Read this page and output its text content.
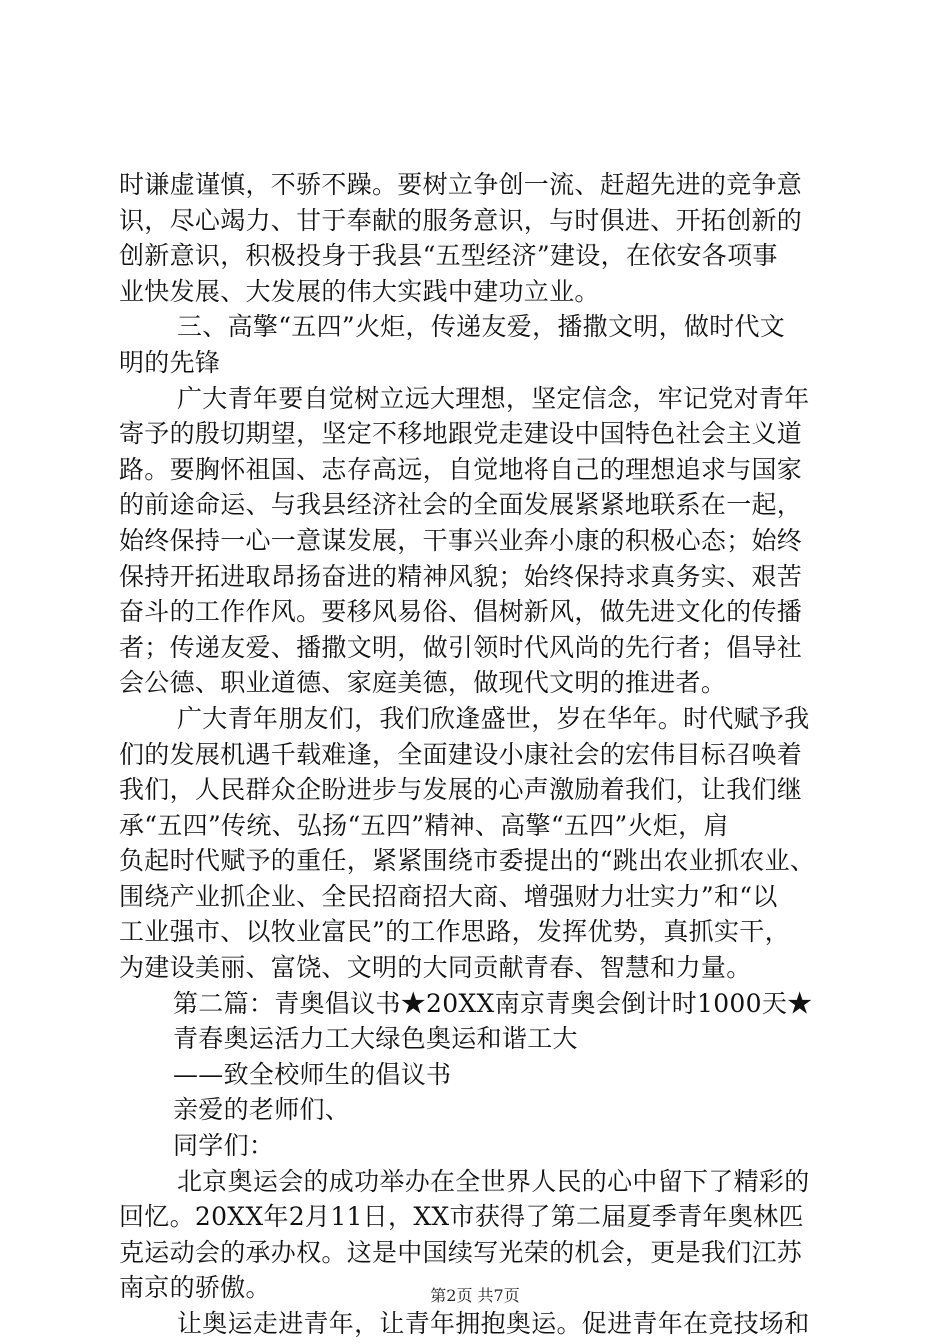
时谦虚谨慎，不骄不躁。要树立争创一流、赶超先进的竞争意
识，尽心竭力、甘于奉献的服务意识，与时俱进、开拓创新的
创新意识，积极投身于我县“五型经济”建设，在依安各项事
业快发展、大发展的伟大实践中建功立业。
三、高擎“五四”火炬，传递友爱，播撒文明，做时代文
明的先锋
广大青年要自觉树立远大理想，坚定信念，牢记党对青年
寄予的殷切期望，坚定不移地跟党走建设中国特色社会主义道
路。要胸怀祖国、志存高远，自觉地将自己的理想追求与国家
的前途命运、与我县经济社会的全面发展紧紧地联系在一起，
始终保持一心一意谋发展，干事兴业奔小康的积极心态；始终
保持开拓进取昂扬奋进的精神风貌；始终保持求真务实、艰苦
奋斗的工作作风。要移风易俗、倡树新风，做先进文化的传播
者；传递友爱、播撒文明，做引领时代风尚的先行者；倡导社
会公德、职业道德、家庭美德，做现代文明的推进者。
广大青年朋友们，我们欣逢盛世，岁在华年。时代赋予我
们的发展机遇千载难逢，全面建设小康社会的宏伟目标召唤着
我们，人民群众企盼进步与发展的心声激励着我们，让我们继
承“五四”传统、弘扬“五四”精神、高擎“五四”火炬，肩
负起时代赋予的重任，紧紧围绕市委提出的“跳出农业抓农业、
围绕产业抓企业、全民招商招大商、增强财力壮实力”和“以
工业强市、以牧业富民”的工作思路，发挥优势，真抓实干，
为建设美丽、富饶、文明的大同贡献青春、智慧和力量。
第二篇：青奥倡议书★20XX南京青奥会倒计时1000天★
青春奥运活力工大绿色奥运和谐工大
——致全校师生的倡议书
亲爱的老师们、
同学们：
北京奥运会的成功举办在全世界人民的心中留下了精彩的
回忆。20XX年2月11日，XX市获得了第二届夏季青年奥林匹
克运动会的承办权。这是中国续写光荣的机会，更是我们江苏
南京的骄傲。
让奥运走进青年，让青年拥抱奥运。促进青年在竞技场和
第2页 共7页
